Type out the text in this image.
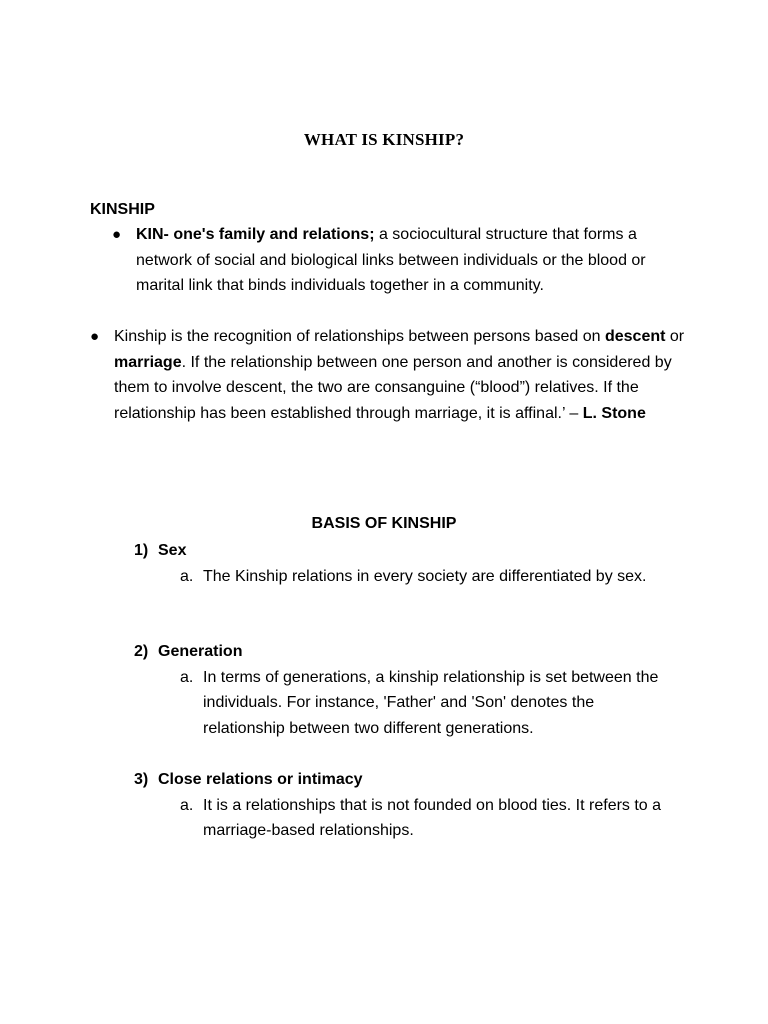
WHAT IS KINSHIP?
KINSHIP
● KIN- one's family and relations; a sociocultural structure that forms a network of social and biological links between individuals or the blood or marital link that binds individuals together in a community.
● Kinship is the recognition of relationships between persons based on descent or marriage. If the relationship between one person and another is considered by them to involve descent, the two are consanguine (“blood”) relatives. If the relationship has been established through marriage, it is affinal.’ – L. Stone
BASIS OF KINSHIP
1) Sex
a. The Kinship relations in every society are differentiated by sex.
2) Generation
a. In terms of generations, a kinship relationship is set between the individuals. For instance, 'Father' and 'Son' denotes the relationship between two different generations.
3) Close relations or intimacy
a. It is a relationships that is not founded on blood ties. It refers to a marriage-based relationships.
